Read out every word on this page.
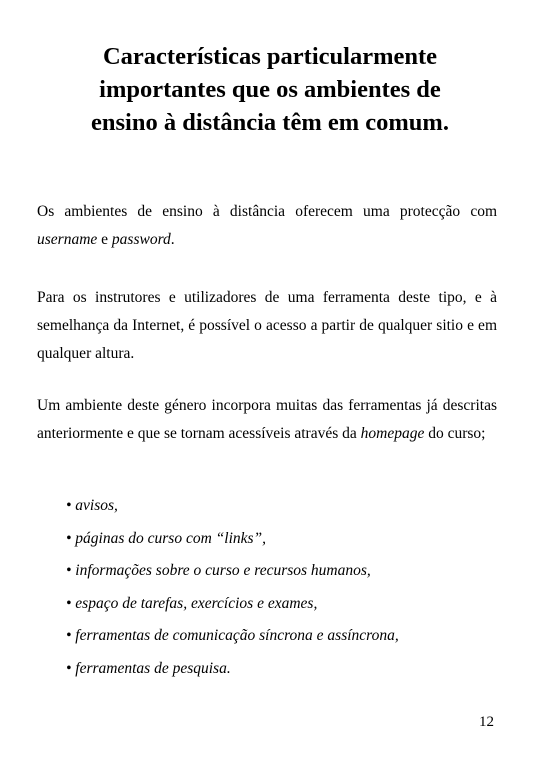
Características particularmente
importantes que os ambientes de
ensino à distância têm em comum.

Os ambientes de ensino à distância oferecem uma protecção com username e password.

Para os instrutores e utilizadores de uma ferramenta deste tipo, e à semelhança da Internet, é possível o acesso a partir de qualquer sitio e em qualquer altura.

Um ambiente deste género incorpora muitas das ferramentas já descritas anteriormente e que se tornam acessíveis através da homepage do curso;

• avisos,
• páginas do curso com “links”,
• informações sobre o curso e recursos humanos,
• espaço de tarefas, exercícios e exames,
• ferramentas de comunicação síncrona e assíncrona,
• ferramentas de pesquisa.
12
